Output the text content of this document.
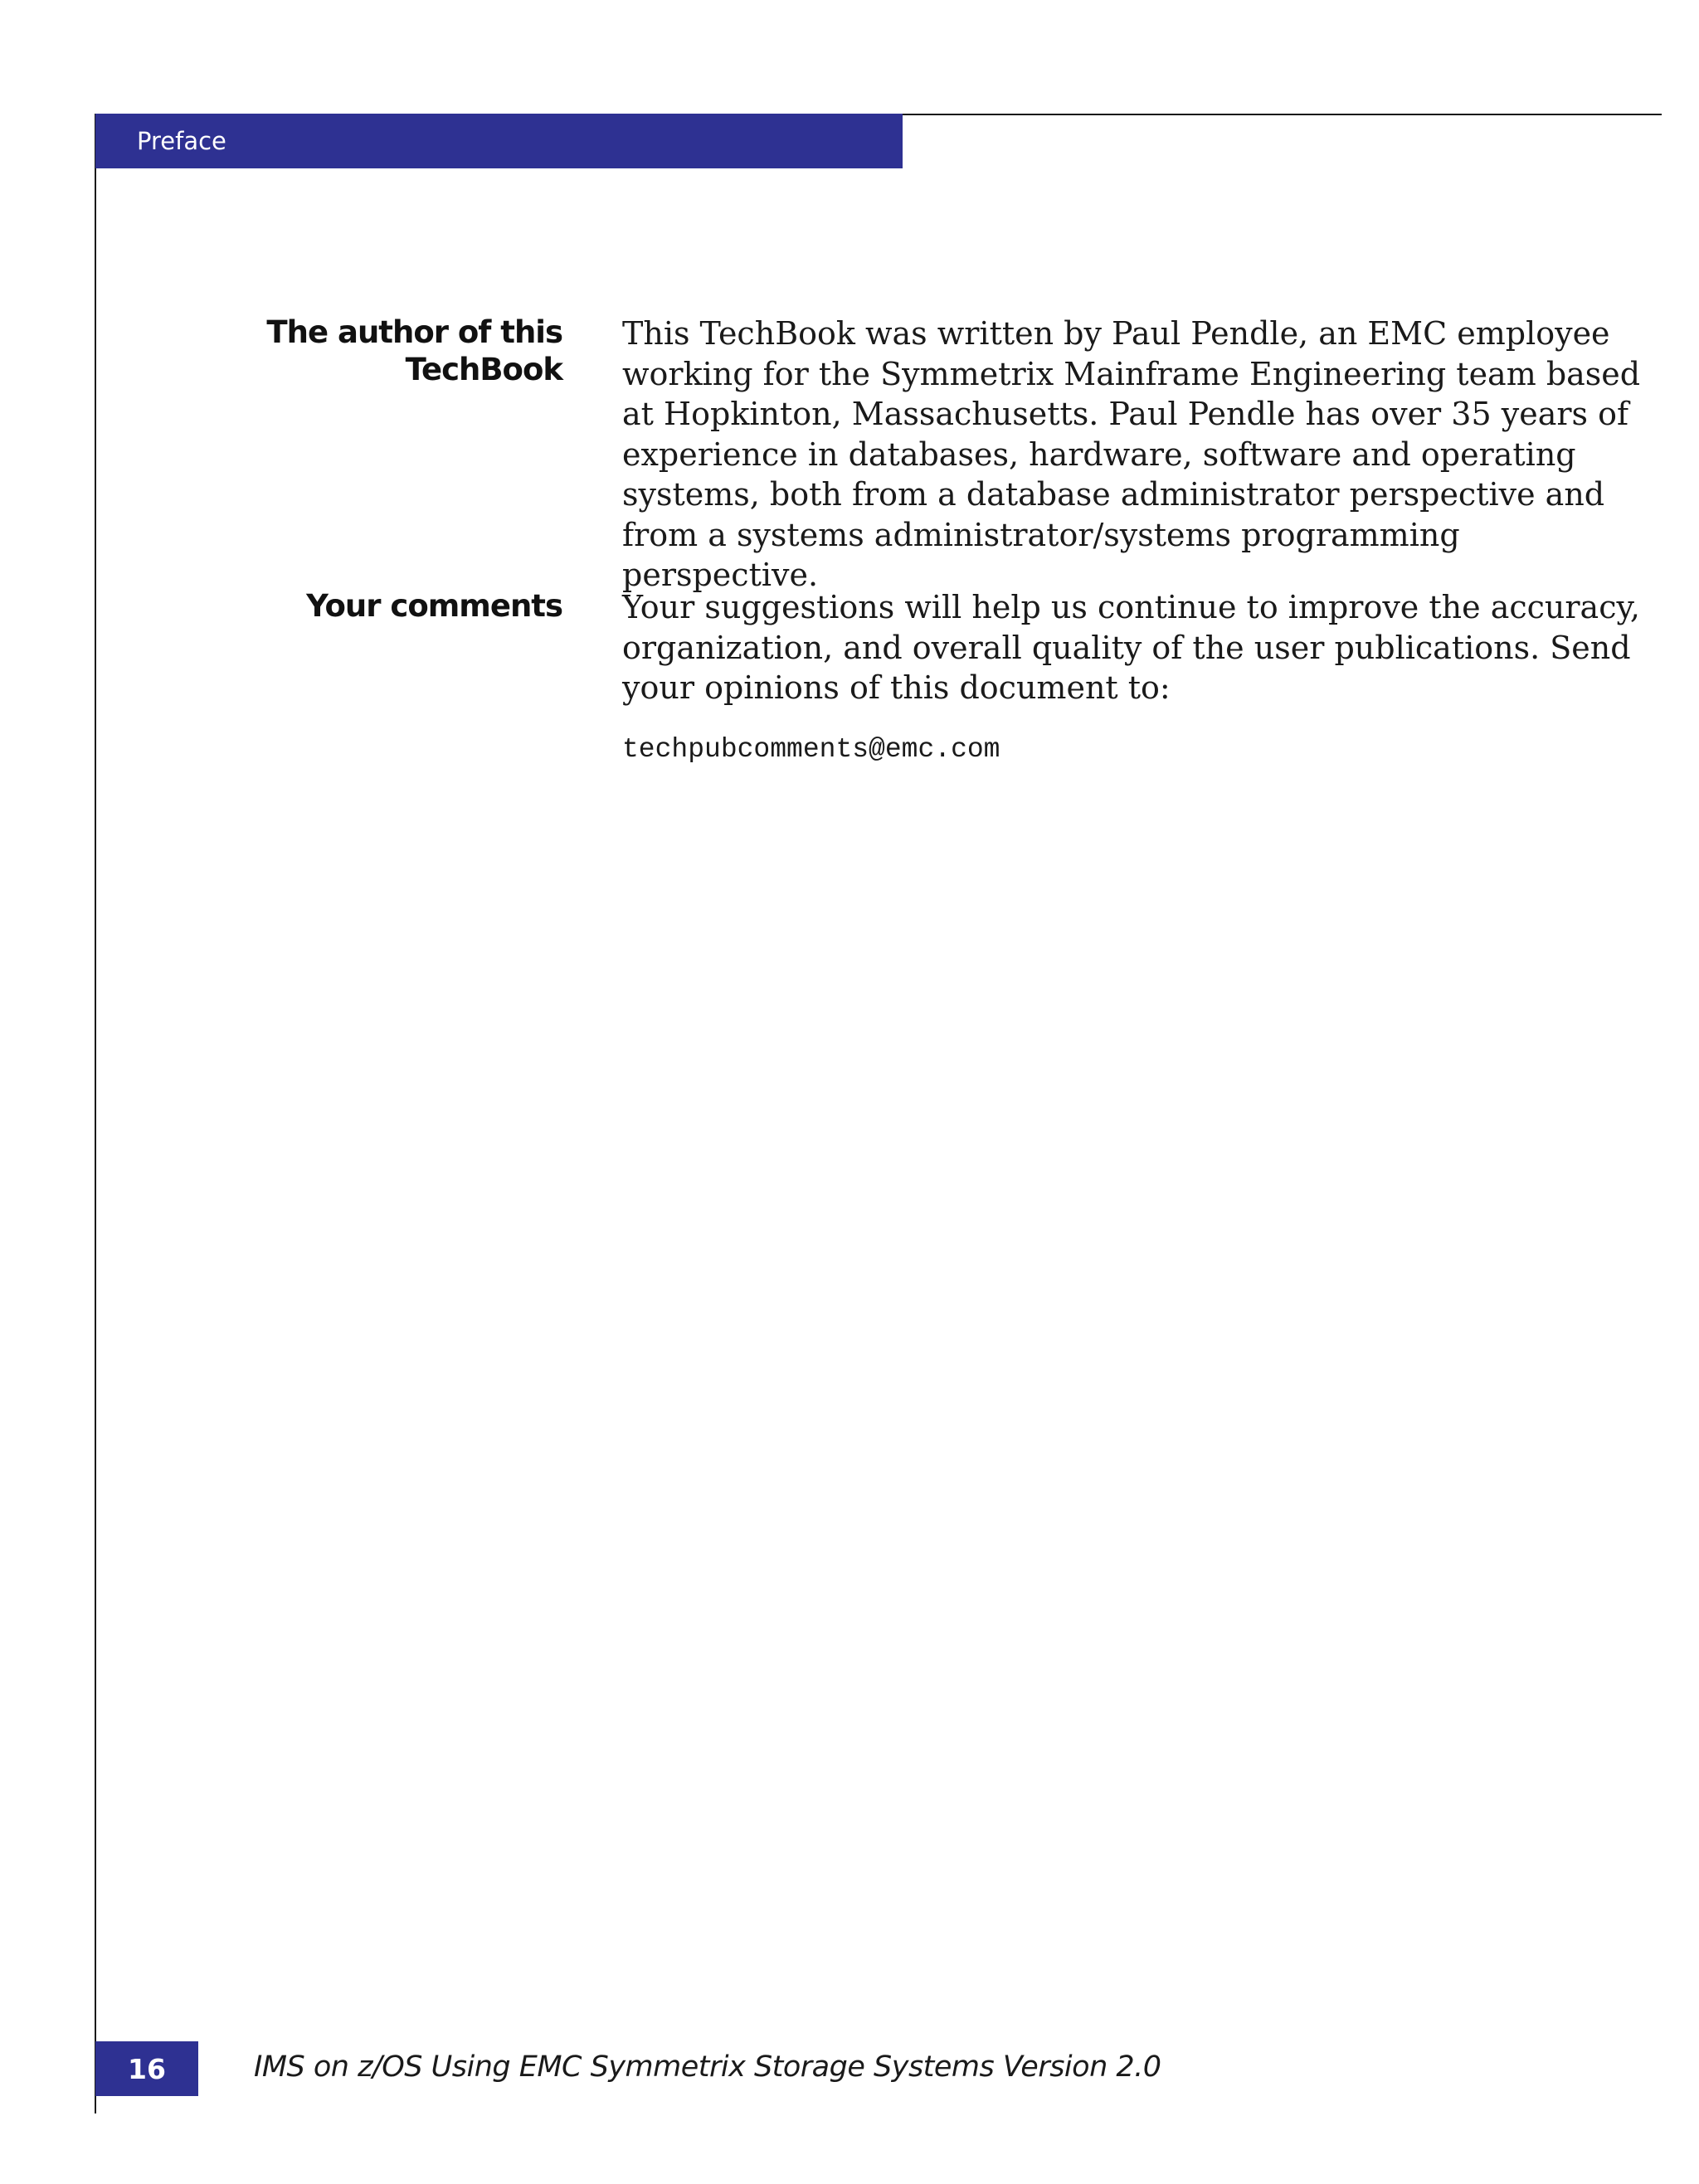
Preface
The author of this
TechBook

This TechBook was written by Paul Pendle, an EMC employee working for the Symmetrix Mainframe Engineering team based at Hopkinton, Massachusetts. Paul Pendle has over 35 years of experience in databases, hardware, software and operating systems, both from a database administrator perspective and from a systems administrator/systems programming perspective.

Your comments Your suggestions will help us continue to improve the accuracy, organization, and overall quality of the user publications. Send your opinions of this document to:

techpubcomments@emc.com

16	IMS on z/OS Using EMC Symmetrix Storage Systems Version 2.0
